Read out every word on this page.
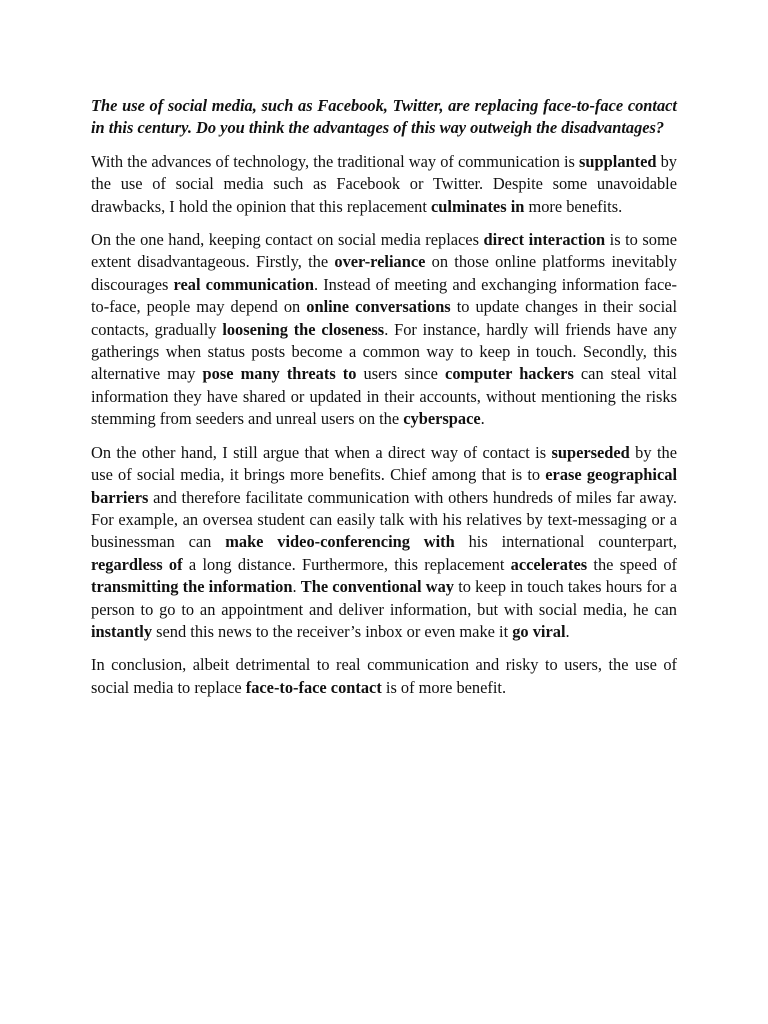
The use of social media, such as Facebook, Twitter, are replacing face-to-face contact in this century. Do you think the advantages of this way outweigh the disadvantages?

With the advances of technology, the traditional way of communication is supplanted by the use of social media such as Facebook or Twitter. Despite some unavoidable drawbacks, I hold the opinion that this replacement culminates in more benefits.

On the one hand, keeping contact on social media replaces direct interaction is to some extent disadvantageous. Firstly, the over-reliance on those online platforms inevitably discourages real communication. Instead of meeting and exchanging information face-to-face, people may depend on online conversations to update changes in their social contacts, gradually loosening the closeness. For instance, hardly will friends have any gatherings when status posts become a common way to keep in touch. Secondly, this alternative may pose many threats to users since computer hackers can steal vital information they have shared or updated in their accounts, without mentioning the risks stemming from seeders and unreal users on the cyberspace.

On the other hand, I still argue that when a direct way of contact is superseded by the use of social media, it brings more benefits. Chief among that is to erase geographical barriers and therefore facilitate communication with others hundreds of miles far away. For example, an oversea student can easily talk with his relatives by text-messaging or a businessman can make video-conferencing with his international counterpart, regardless of a long distance. Furthermore, this replacement accelerates the speed of transmitting the information. The conventional way to keep in touch takes hours for a person to go to an appointment and deliver information, but with social media, he can instantly send this news to the receiver’s inbox or even make it go viral.

In conclusion, albeit detrimental to real communication and risky to users, the use of social media to replace face-to-face contact is of more benefit.
